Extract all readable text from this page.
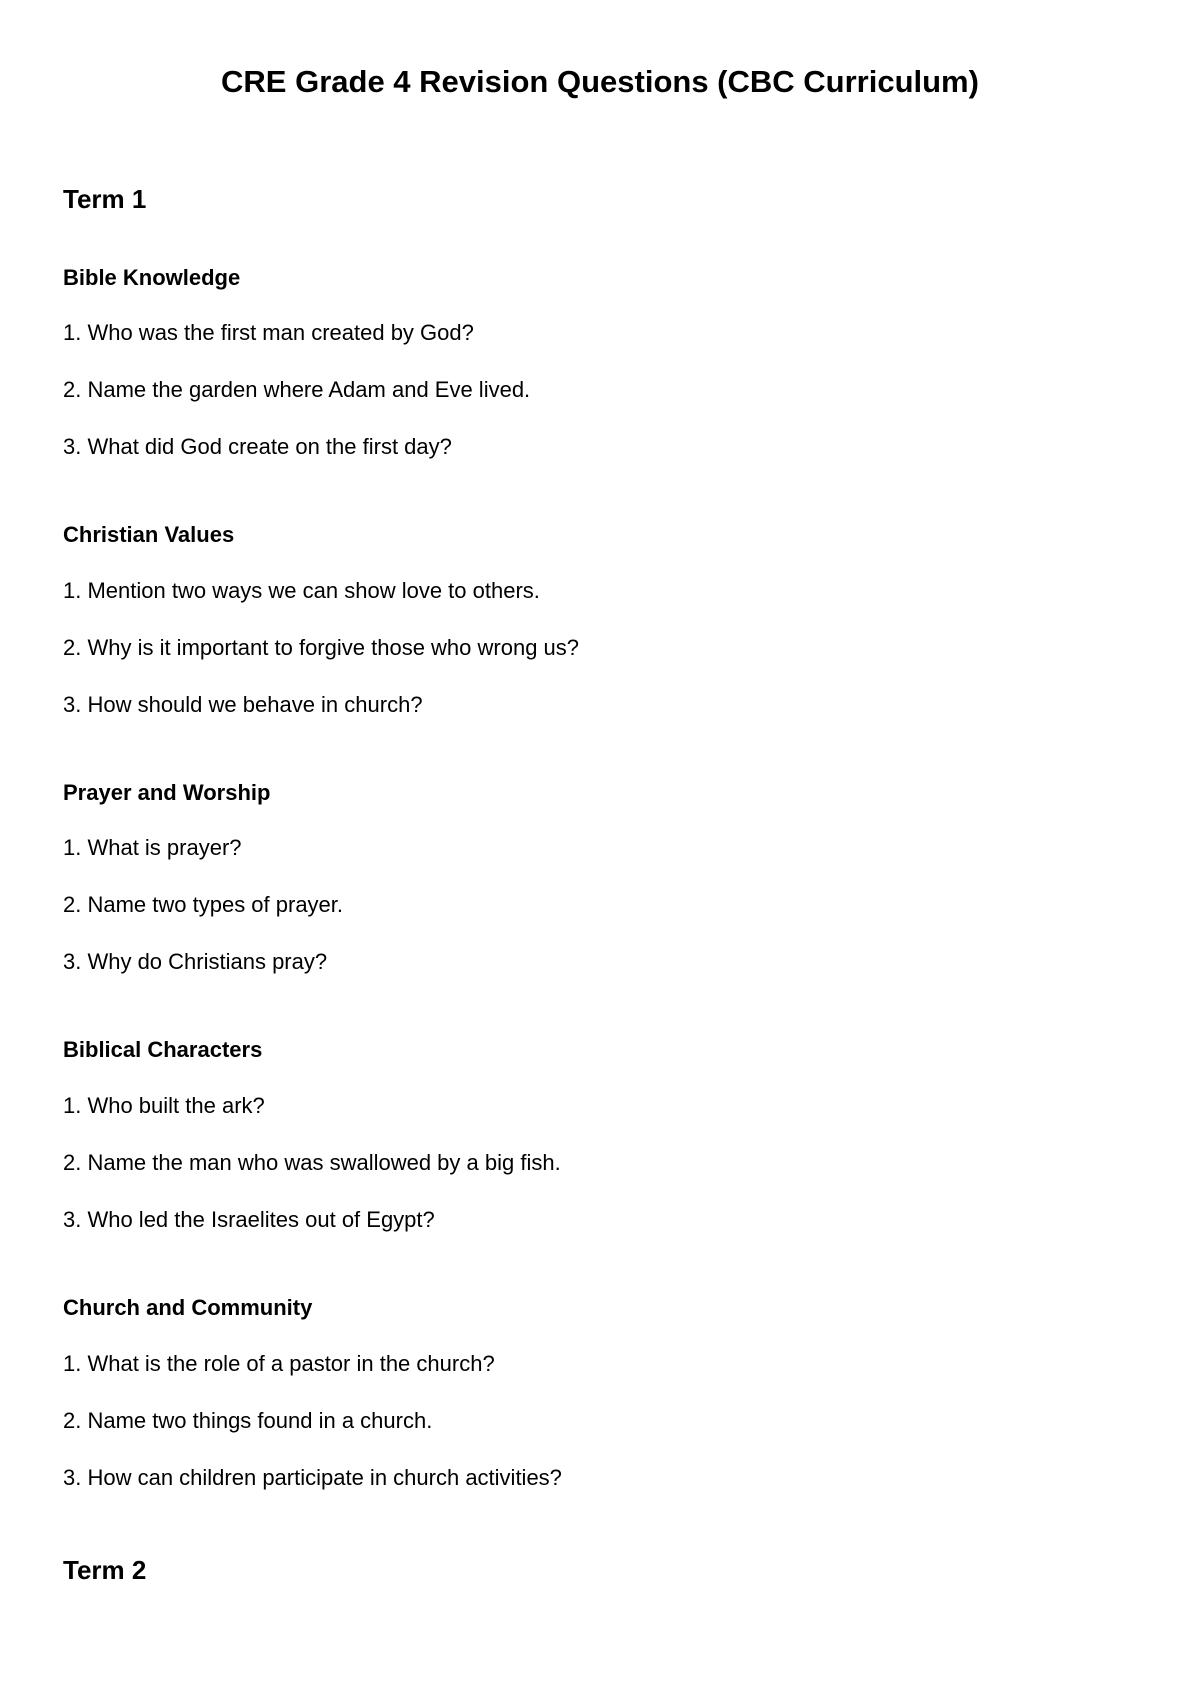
CRE Grade 4 Revision Questions (CBC Curriculum)
Term 1
Bible Knowledge

1. Who was the first man created by God?

2. Name the garden where Adam and Eve lived.

3. What did God create on the first day?

Christian Values

1. Mention two ways we can show love to others.

2. Why is it important to forgive those who wrong us?

3. How should we behave in church?

Prayer and Worship

1. What is prayer?

2. Name two types of prayer.

3. Why do Christians pray?

Biblical Characters

1. Who built the ark?

2. Name the man who was swallowed by a big fish.

3. Who led the Israelites out of Egypt?

Church and Community

1. What is the role of a pastor in the church?

2. Name two things found in a church.

3. How can children participate in church activities?

Term 2
